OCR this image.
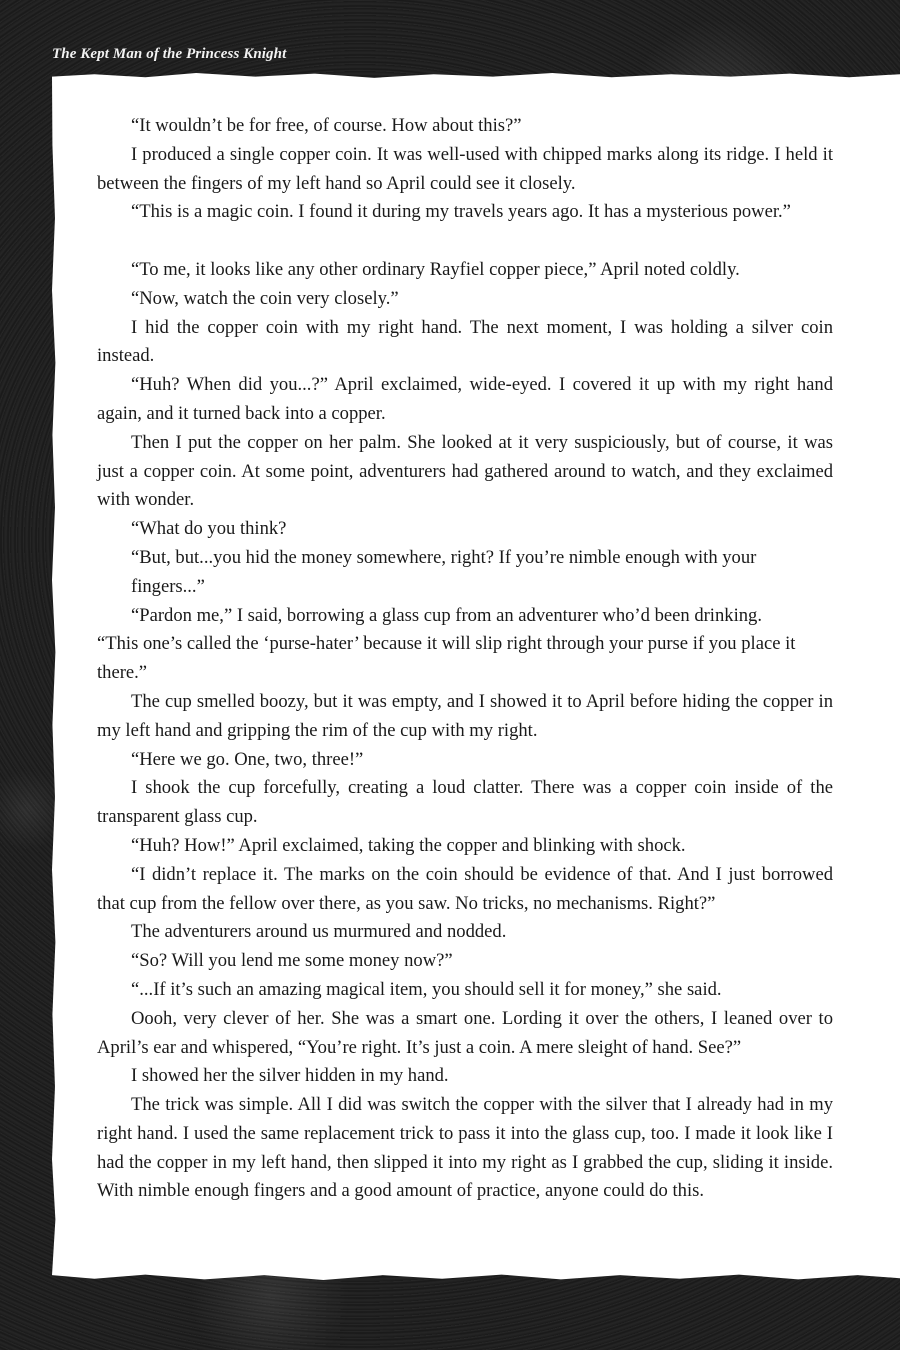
The Kept Man of the Princess Knight

“It wouldn’t be for free, of course. How about this?”

I produced a single copper coin. It was well-used with chipped marks along its ridge. I held it between the fingers of my left hand so April could see it closely.

“This is a magic coin. I found it during my travels years ago. It has a mysterious power.”

“To me, it looks like any other ordinary Rayfiel copper piece,” April noted coldly.

“Now, watch the coin very closely.”

I hid the copper coin with my right hand. The next moment, I was holding a silver coin instead.

“Huh? When did you...?” April exclaimed, wide-eyed. I covered it up with my right hand again, and it turned back into a copper.

Then I put the copper on her palm. She looked at it very suspiciously, but of course, it was just a copper coin. At some point, adventurers had gathered around to watch, and they exclaimed with wonder.

“What do you think?

“But, but...you hid the money somewhere, right? If you’re nimble enough with your

fingers...”

“Pardon me,” I said, borrowing a glass cup from an adventurer who’d been drinking.

“This one’s called the ‘purse-hater’ because it will slip right through your purse if you place it there.”

The cup smelled boozy, but it was empty, and I showed it to April before hiding the copper in my left hand and gripping the rim of the cup with my right.

“Here we go. One, two, three!”

I shook the cup forcefully, creating a loud clatter. There was a copper coin inside of the transparent glass cup.

“Huh? How!” April exclaimed, taking the copper and blinking with shock.

“I didn’t replace it. The marks on the coin should be evidence of that. And I just borrowed that cup from the fellow over there, as you saw. No tricks, no mechanisms. Right?”

The adventurers around us murmured and nodded.

“So? Will you lend me some money now?”

“...If it’s such an amazing magical item, you should sell it for money,” she said.

Oooh, very clever of her. She was a smart one. Lording it over the others, I leaned over to April’s ear and whispered, “You’re right. It’s just a coin. A mere sleight of hand. See?”

I showed her the silver hidden in my hand.

The trick was simple. All I did was switch the copper with the silver that I already had in my right hand. I used the same replacement trick to pass it into the glass cup, too. I made it look like I had the copper in my left hand, then slipped it into my right as I grabbed the cup, sliding it inside. With nimble enough fingers and a good amount of practice, anyone could do this.
